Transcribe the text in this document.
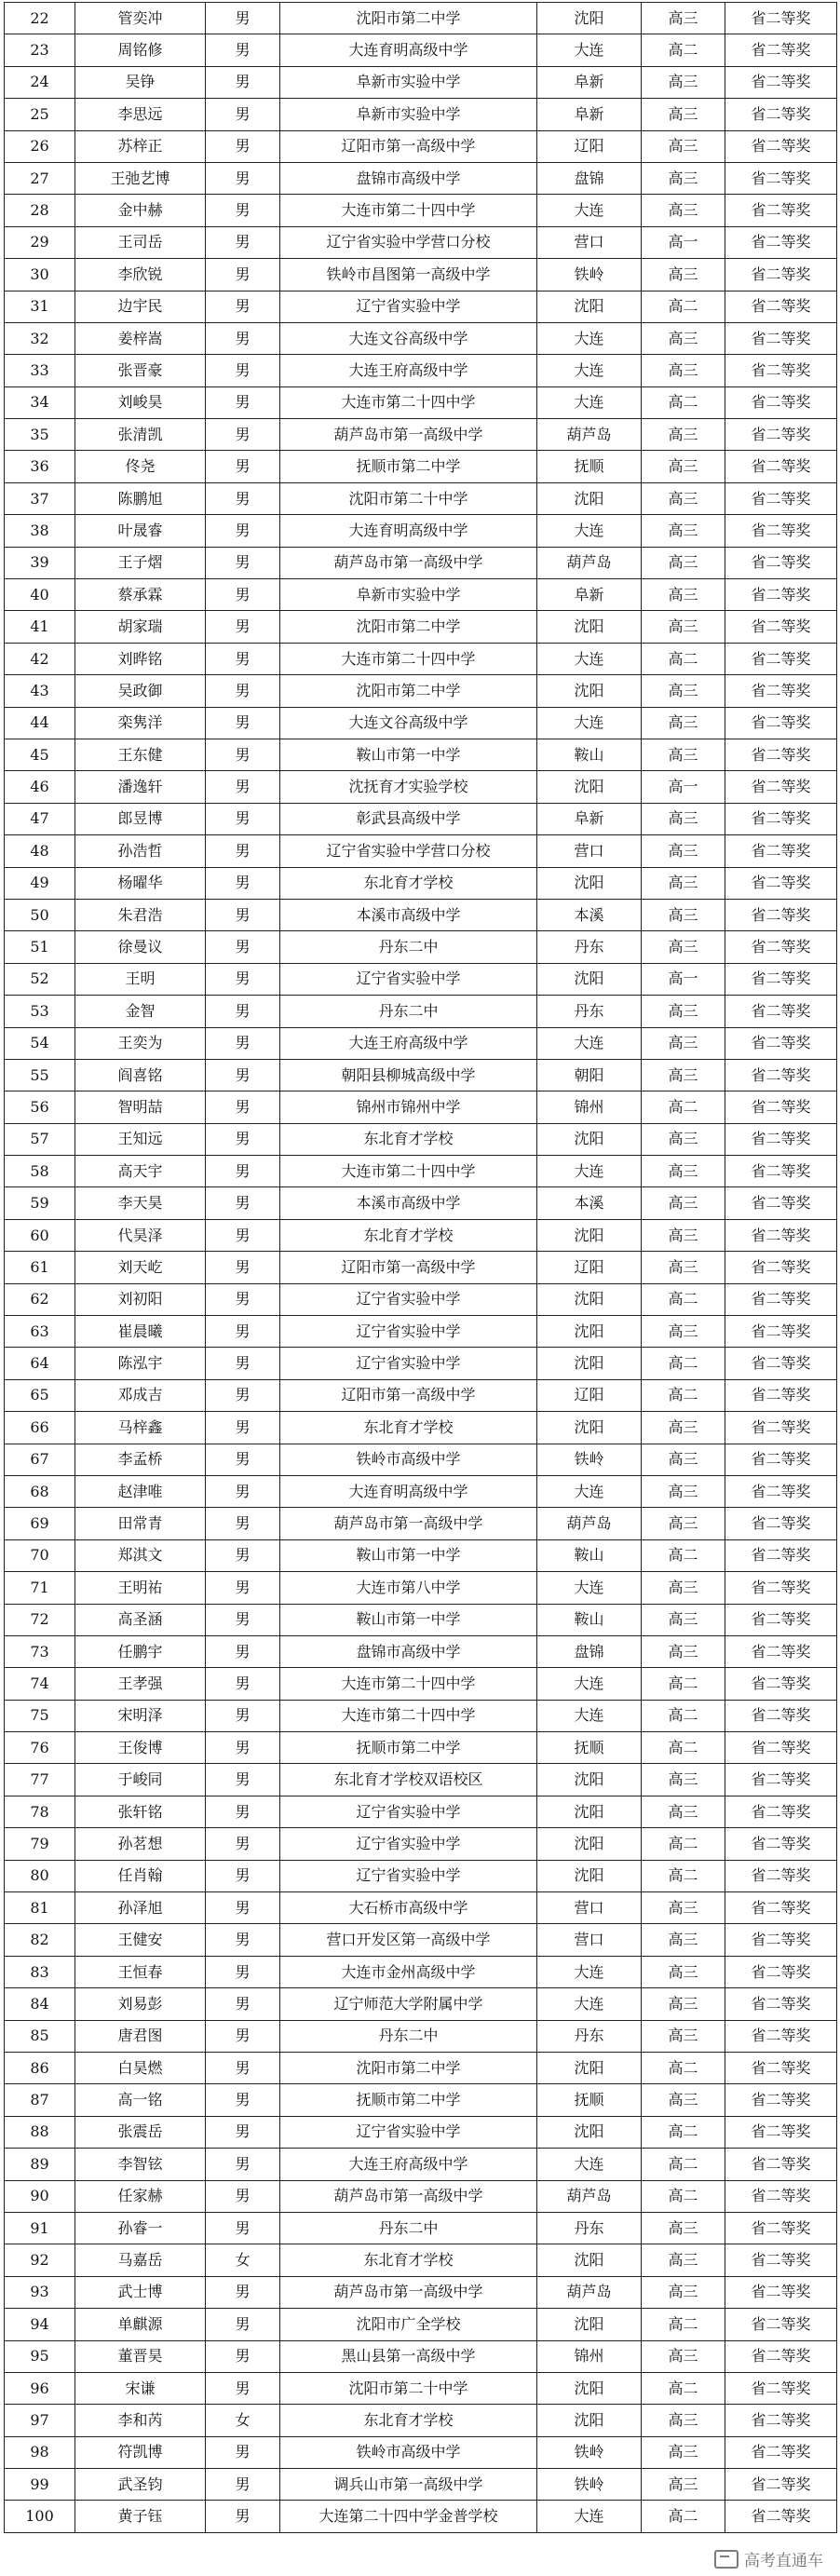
22	管奕冲	男	沈阳市第二中学	沈阳	高三	省二等奖
23	周铭修	男	大连育明高级中学	大连	高二	省二等奖
24	吴铮	男	阜新市实验中学	阜新	高三	省二等奖
25	李思远	男	阜新市实验中学	阜新	高三	省二等奖
26	苏梓正	男	辽阳市第一高级中学	辽阳	高三	省二等奖
27	王弛艺博	男	盘锦市高级中学	盘锦	高三	省二等奖
28	金中赫	男	大连市第二十四中学	大连	高三	省二等奖
29	王司岳	男	辽宁省实验中学营口分校	营口	高一	省二等奖
30	李欣锐	男	铁岭市昌图第一高级中学	铁岭	高三	省二等奖
31	边宇民	男	辽宁省实验中学	沈阳	高二	省二等奖
32	姜梓嵩	男	大连文谷高级中学	大连	高三	省二等奖
33	张晋豪	男	大连王府高级中学	大连	高三	省二等奖
34	刘峻昊	男	大连市第二十四中学	大连	高二	省二等奖
35	张清凯	男	葫芦岛市第一高级中学	葫芦岛	高三	省二等奖
36	佟尧	男	抚顺市第二中学	抚顺	高三	省二等奖
37	陈鹏旭	男	沈阳市第二十中学	沈阳	高三	省二等奖
38	叶晟睿	男	大连育明高级中学	大连	高三	省二等奖
39	王子熠	男	葫芦岛市第一高级中学	葫芦岛	高三	省二等奖
40	蔡承霖	男	阜新市实验中学	阜新	高三	省二等奖
41	胡家瑞	男	沈阳市第二中学	沈阳	高三	省二等奖
42	刘晔铭	男	大连市第二十四中学	大连	高二	省二等奖
43	吴政御	男	沈阳市第二中学	沈阳	高三	省二等奖
44	栾隽洋	男	大连文谷高级中学	大连	高三	省二等奖
45	王东健	男	鞍山市第一中学	鞍山	高三	省二等奖
46	潘逸轩	男	沈抚育才实验学校	沈阳	高一	省二等奖
47	郎昱博	男	彰武县高级中学	阜新	高三	省二等奖
48	孙浩哲	男	辽宁省实验中学营口分校	营口	高三	省二等奖
49	杨曜华	男	东北育才学校	沈阳	高三	省二等奖
50	朱君浩	男	本溪市高级中学	本溪	高三	省二等奖
51	徐曼议	男	丹东二中	丹东	高三	省二等奖
52	王明	男	辽宁省实验中学	沈阳	高一	省二等奖
53	金智	男	丹东二中	丹东	高三	省二等奖
54	王奕为	男	大连王府高级中学	大连	高三	省二等奖
55	阎喜铭	男	朝阳县柳城高级中学	朝阳	高三	省二等奖
56	智明喆	男	锦州市锦州中学	锦州	高二	省二等奖
57	王知远	男	东北育才学校	沈阳	高三	省二等奖
58	高天宇	男	大连市第二十四中学	大连	高三	省二等奖
59	李天昊	男	本溪市高级中学	本溪	高三	省二等奖
60	代昊泽	男	东北育才学校	沈阳	高三	省二等奖
61	刘天屹	男	辽阳市第一高级中学	辽阳	高三	省二等奖
62	刘初阳	男	辽宁省实验中学	沈阳	高二	省二等奖
63	崔晨曦	男	辽宁省实验中学	沈阳	高三	省二等奖
64	陈泓宇	男	辽宁省实验中学	沈阳	高二	省二等奖
65	邓成吉	男	辽阳市第一高级中学	辽阳	高二	省二等奖
66	马梓鑫	男	东北育才学校	沈阳	高三	省二等奖
67	李孟桥	男	铁岭市高级中学	铁岭	高三	省二等奖
68	赵津唯	男	大连育明高级中学	大连	高三	省二等奖
69	田常青	男	葫芦岛市第一高级中学	葫芦岛	高三	省二等奖
70	郑淇文	男	鞍山市第一中学	鞍山	高二	省二等奖
71	王明祐	男	大连市第八中学	大连	高三	省二等奖
72	高圣涵	男	鞍山市第一中学	鞍山	高三	省二等奖
73	任鹏宇	男	盘锦市高级中学	盘锦	高三	省二等奖
74	王孝强	男	大连市第二十四中学	大连	高二	省二等奖
75	宋明泽	男	大连市第二十四中学	大连	高二	省二等奖
76	王俊博	男	抚顺市第二中学	抚顺	高二	省二等奖
77	于峻同	男	东北育才学校双语校区	沈阳	高三	省二等奖
78	张轩铭	男	辽宁省实验中学	沈阳	高三	省二等奖
79	孙茗想	男	辽宁省实验中学	沈阳	高二	省二等奖
80	任肖翰	男	辽宁省实验中学	沈阳	高二	省二等奖
81	孙泽旭	男	大石桥市高级中学	营口	高三	省二等奖
82	王健安	男	营口开发区第一高级中学	营口	高三	省二等奖
83	王恒春	男	大连市金州高级中学	大连	高三	省二等奖
84	刘易彭	男	辽宁师范大学附属中学	大连	高三	省二等奖
85	唐君图	男	丹东二中	丹东	高三	省二等奖
86	白昊燃	男	沈阳市第二中学	沈阳	高二	省二等奖
87	高一铭	男	抚顺市第二中学	抚顺	高三	省二等奖
88	张震岳	男	辽宁省实验中学	沈阳	高二	省二等奖
89	李智铉	男	大连王府高级中学	大连	高二	省二等奖
90	任家赫	男	葫芦岛市第一高级中学	葫芦岛	高二	省二等奖
91	孙睿一	男	丹东二中	丹东	高三	省二等奖
92	马嘉岳	女	东北育才学校	沈阳	高三	省二等奖
93	武士博	男	葫芦岛市第一高级中学	葫芦岛	高三	省二等奖
94	单麒源	男	沈阳市广全学校	沈阳	高二	省二等奖
95	董晋昊	男	黑山县第一高级中学	锦州	高三	省二等奖
96	宋谦	男	沈阳市第二十中学	沈阳	高二	省二等奖
97	李和芮	女	东北育才学校	沈阳	高三	省二等奖
98	符凯博	男	铁岭市高级中学	铁岭	高三	省二等奖
99	武圣钧	男	调兵山市第一高级中学	铁岭	高三	省二等奖
100	黄子钰	男	大连第二十四中学金普学校	大连	高二	省二等奖
高考直通车
